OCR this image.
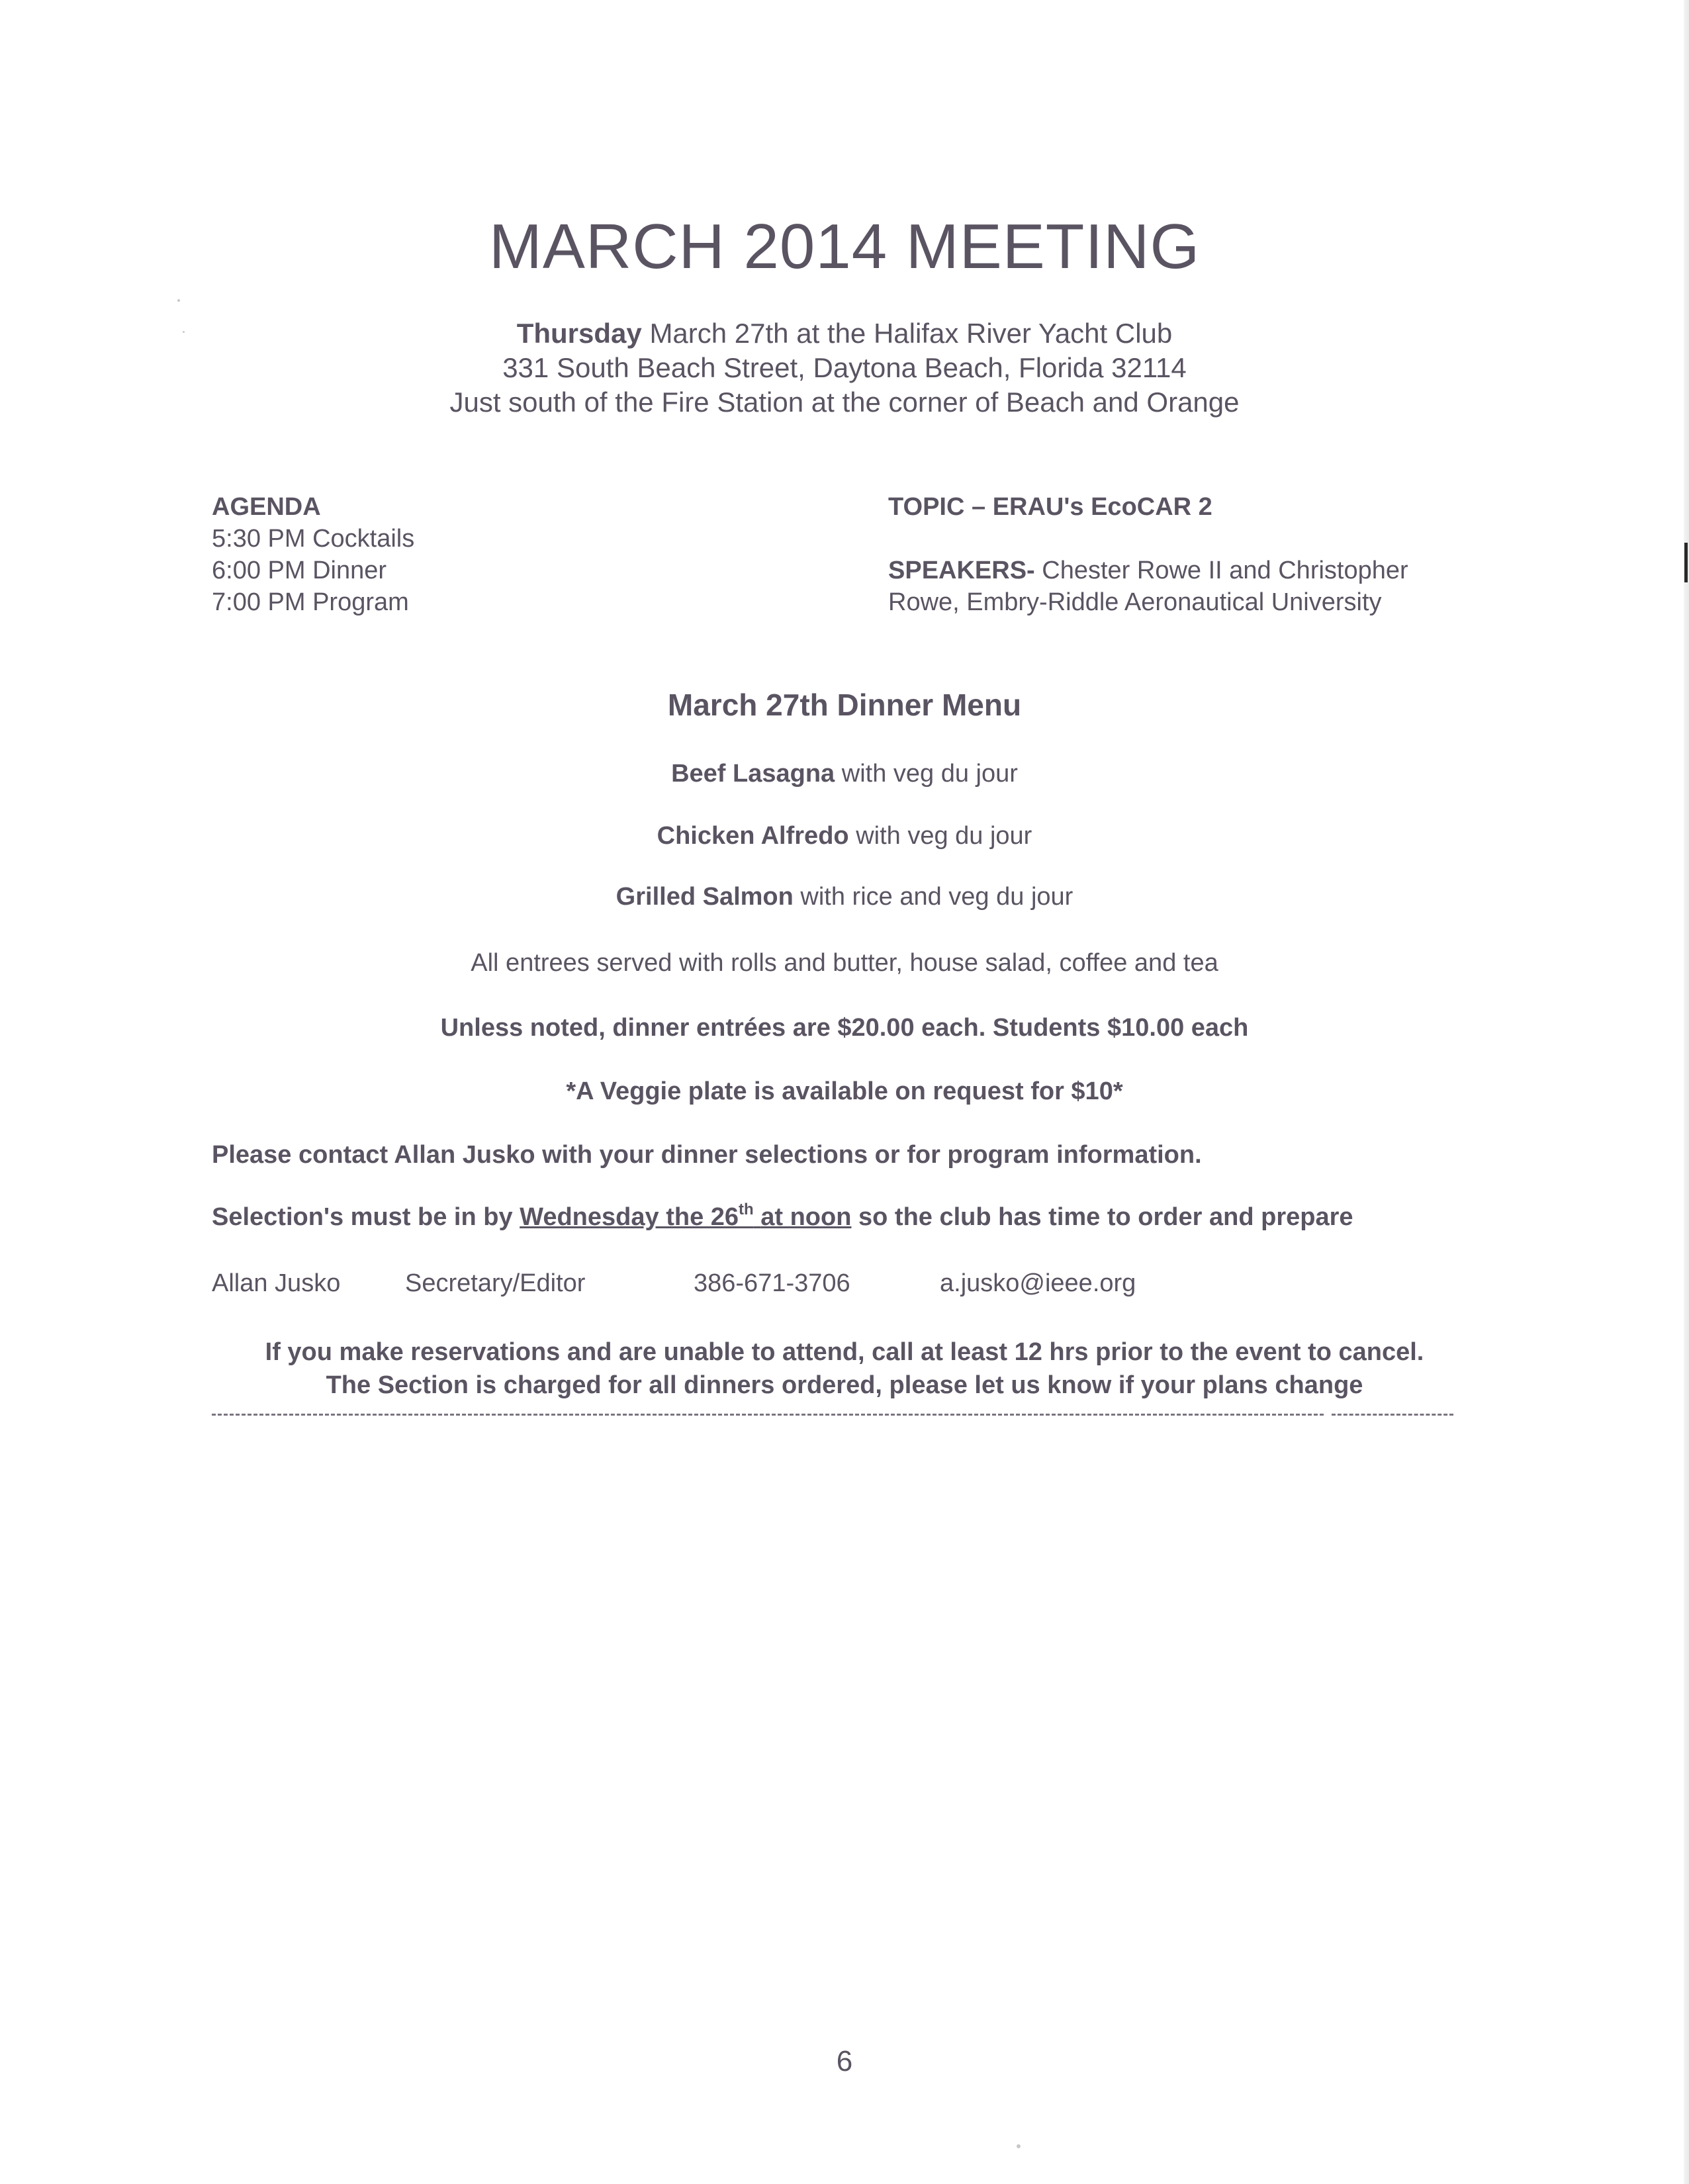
MARCH 2014 MEETING
Thursday March 27th at the Halifax River Yacht Club
331 South Beach Street, Daytona Beach, Florida 32114
Just south of the Fire Station at the corner of Beach and Orange
AGENDA
5:30 PM Cocktails
6:00 PM Dinner
7:00 PM Program
TOPIC – ERAU's EcoCAR 2
SPEAKERS- Chester Rowe II and Christopher
Rowe, Embry-Riddle Aeronautical University
March 27th Dinner Menu
Beef Lasagna with veg du jour
Chicken Alfredo with veg du jour
Grilled Salmon with rice and veg du jour
All entrees served with rolls and butter, house salad, coffee and tea
Unless noted, dinner entrées are $20.00 each. Students $10.00 each
*A Veggie plate is available on request for $10*
Please contact Allan Jusko with your dinner selections or for program information.
Selection's must be in by Wednesday the 26th at noon so the club has time to order and prepare
Allan Jusko	Secretary/Editor	386-671-3706	a.jusko@ieee.org
If you make reservations and are unable to attend, call at least 12 hrs prior to the event to cancel.
The Section is charged for all dinners ordered, please let us know if your plans change
6
